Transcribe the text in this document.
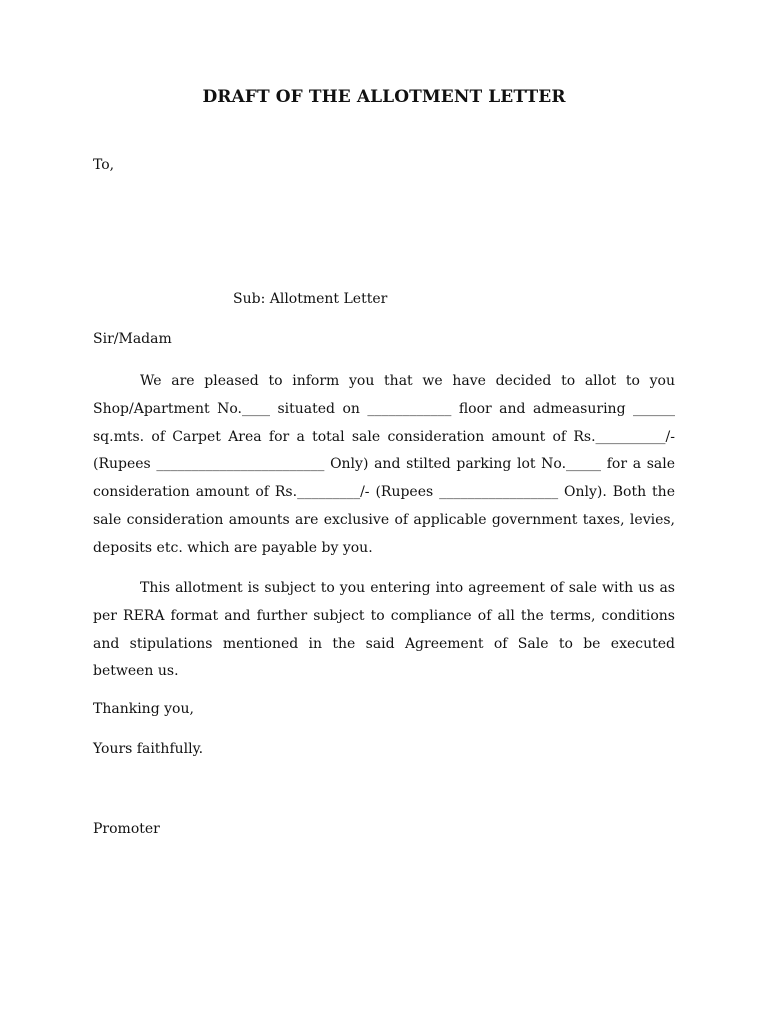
DRAFT OF THE ALLOTMENT LETTER
To,
Sub: Allotment Letter
Sir/Madam
We are pleased to inform you that we have decided to allot to you Shop/Apartment No.____ situated on ____________ floor and admeasuring ______ sq.mts. of Carpet Area for a total sale consideration amount of Rs.__________/- (Rupees ________________________ Only) and stilted parking lot No._____ for a sale consideration amount of Rs._________/- (Rupees _________________ Only). Both the sale consideration amounts are exclusive of applicable government taxes, levies, deposits etc. which are payable by you.
This allotment is subject to you entering into agreement of sale with us as per RERA format and further subject to compliance of all the terms, conditions and stipulations mentioned in the said Agreement of Sale to be executed between us.
Thanking you,
Yours faithfully.
Promoter
